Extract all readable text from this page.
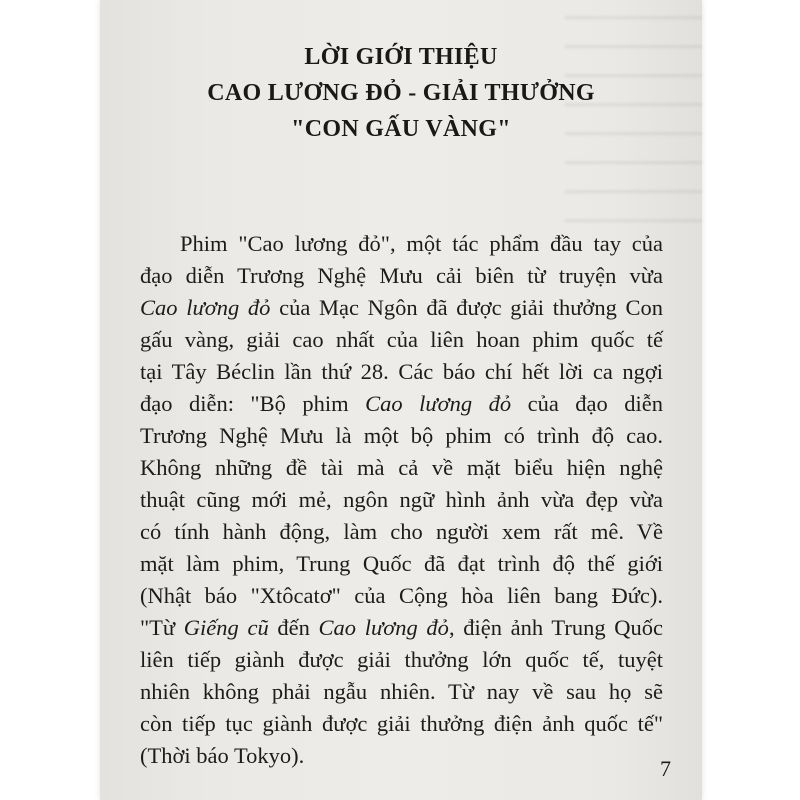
LỜI GIỚI THIỆU
CAO LƯƠNG ĐỎ - GIẢI THƯỞNG
"CON GẤU VÀNG"
Phim "Cao lương đỏ", một tác phẩm đầu tay của
đạo diễn Trương Nghệ Mưu cải biên từ truyện vừa
Cao lương đỏ của Mạc Ngôn đã được giải thưởng Con
gấu vàng, giải cao nhất của liên hoan phim quốc tế
tại Tây Béclin lần thứ 28. Các báo chí hết lời ca ngợi
đạo diễn: "Bộ phim Cao lương đỏ của đạo diễn
Trương Nghệ Mưu là một bộ phim có trình độ cao.
Không những đề tài mà cả về mặt biểu hiện nghệ
thuật cũng mới mẻ, ngôn ngữ hình ảnh vừa đẹp vừa
có tính hành động, làm cho người xem rất mê. Về
mặt làm phim, Trung Quốc đã đạt trình độ thế giới
(Nhật báo "Xtôcatơ" của Cộng hòa liên bang Đức).
"Từ Giếng cũ đến Cao lương đỏ, điện ảnh Trung Quốc
liên tiếp giành được giải thưởng lớn quốc tế, tuyệt
nhiên không phải ngẫu nhiên. Từ nay về sau họ sẽ
còn tiếp tục giành được giải thưởng điện ảnh quốc tế"
(Thời báo Tokyo).
7
